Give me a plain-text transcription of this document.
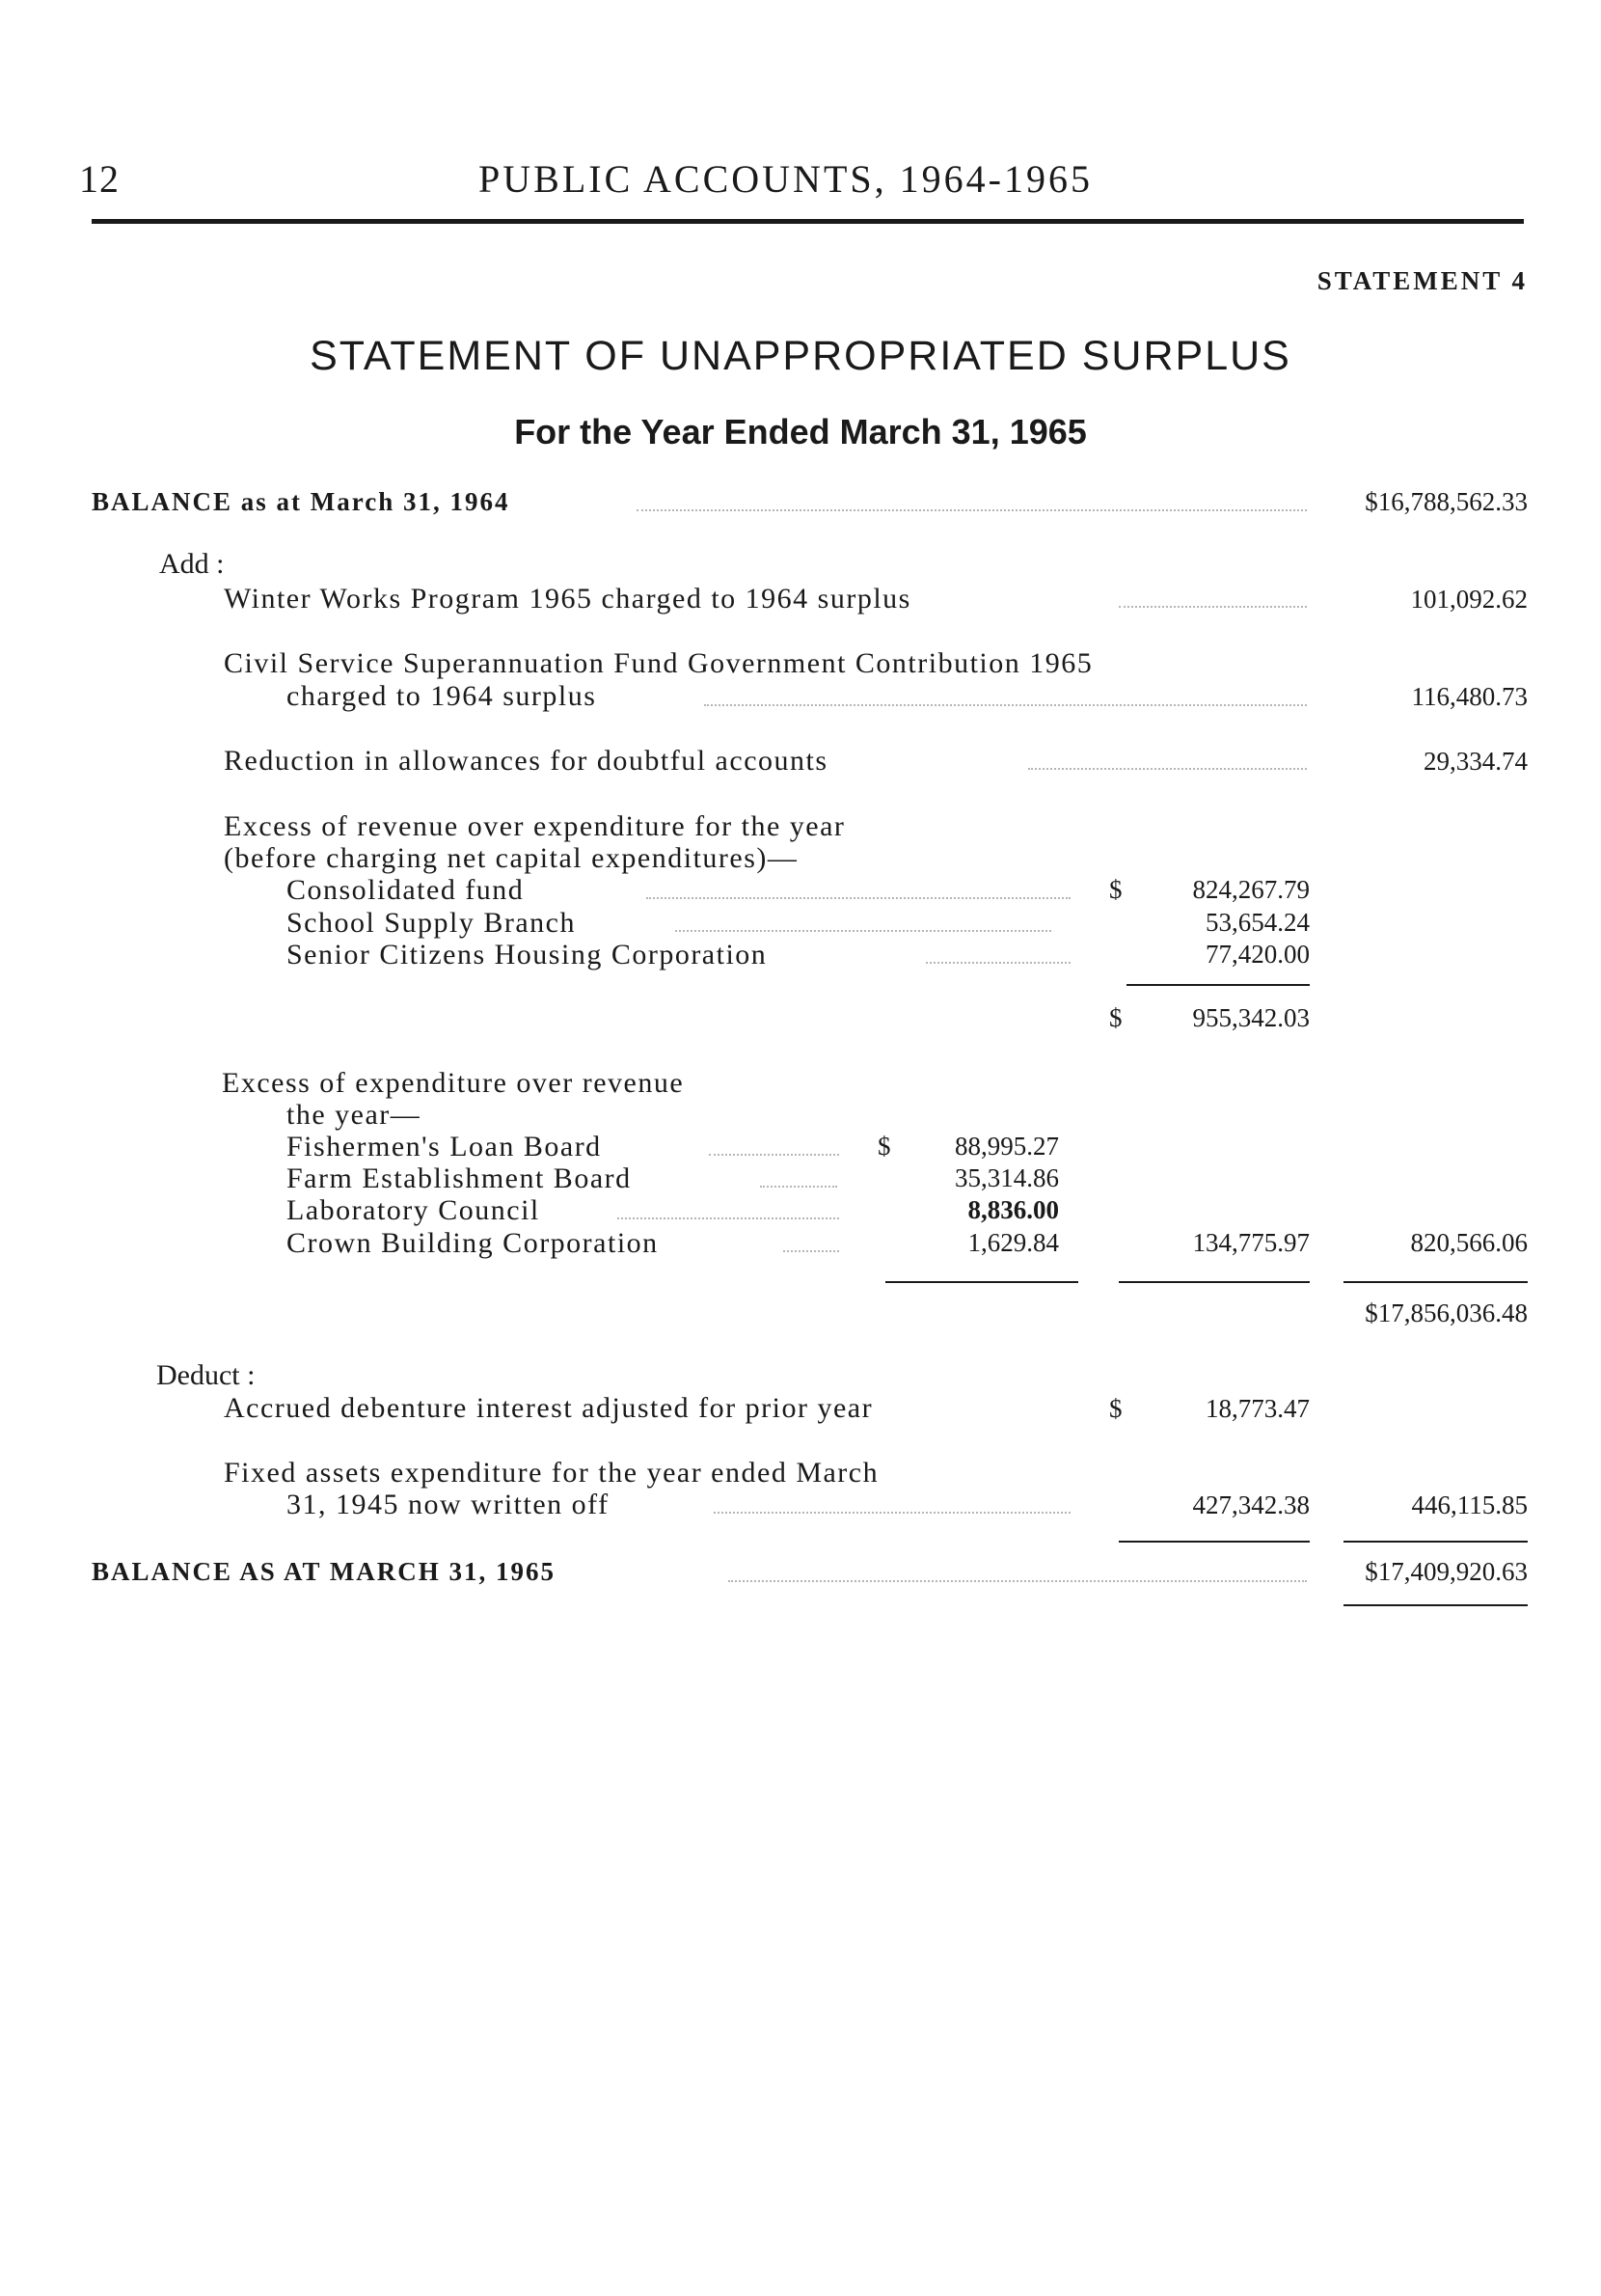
12	PUBLIC ACCOUNTS, 1964-1965
STATEMENT 4
STATEMENT OF UNAPPROPRIATED SURPLUS
For the Year Ended March 31, 1965
BALANCE as at March 31, 1964	$16,788,562.33
Add :
Winter Works Program 1965 charged to 1964 surplus	101,092.62
Civil Service Superannuation Fund Government Contribution 1965
charged to 1964 surplus	116,480.73
Reduction in allowances for doubtful accounts	29,334.74
Excess of revenue over expenditure for the year
(before charging net capital expenditures)—
Consolidated fund	$	824,267.79
School Supply Branch	53,654.24
Senior Citizens Housing Corporation	77,420.00
$	955,342.03
Excess of expenditure over revenue
the year—
Fishermen's Loan Board	$ 88,995.27
Farm Establishment Board	35,314.86
Laboratory Council	8,836.00
Crown Building Corporation	1,629.84	134,775.97	820,566.06
$17,856,036.48
Deduct :
Accrued debenture interest adjusted for prior year	$	18,773.47
Fixed assets expenditure for the year ended March
31, 1945 now written off	427,342.38	446,115.85
BALANCE AS AT MARCH 31, 1965	$17,409,920.63
